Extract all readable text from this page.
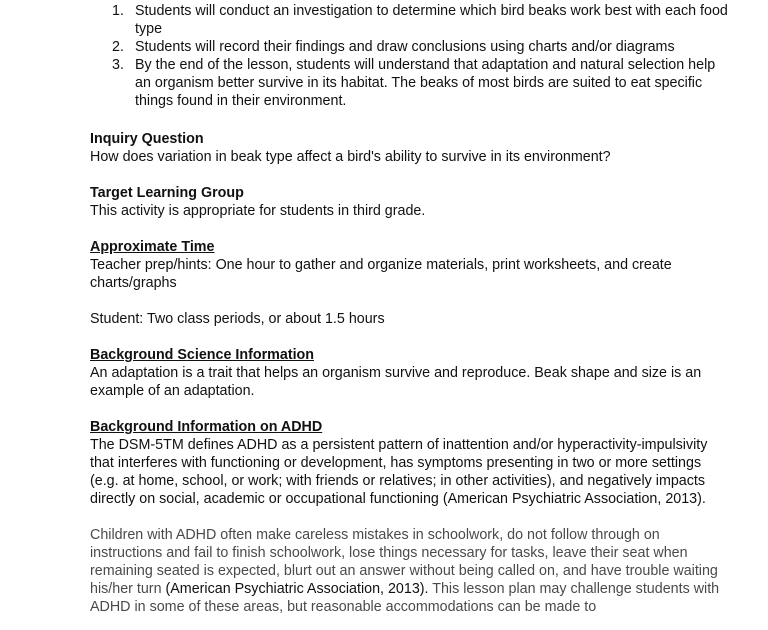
1. Students will conduct an investigation to determine which bird beaks work best with each food type
2. Students will record their findings and draw conclusions using charts and/or diagrams
3. By the end of the lesson, students will understand that adaptation and natural selection help an organism better survive in its habitat. The beaks of most birds are suited to eat specific things found in their environment.
Inquiry Question

How does variation in beak type affect a bird's ability to survive in its environment?

Target Learning Group

This activity is appropriate for students in third grade.

Approximate Time

Teacher prep/hints: One hour to gather and organize materials, print worksheets, and create charts/graphs

Student: Two class periods, or about 1.5 hours

Background Science Information

An adaptation is a trait that helps an organism survive and reproduce. Beak shape and size is an example of an adaptation.

Background Information on ADHD

The DSM-5TM defines ADHD as a persistent pattern of inattention and/or hyperactivity-impulsivity that interferes with functioning or development, has symptoms presenting in two or more settings (e.g. at home, school, or work; with friends or relatives; in other activities), and negatively impacts directly on social, academic or occupational functioning (American Psychiatric Association, 2013).

Children with ADHD often make careless mistakes in schoolwork, do not follow through on instructions and fail to finish schoolwork, lose things necessary for tasks, leave their seat when remaining seated is expected, blurt out an answer without being called on, and have trouble waiting his/her turn (American Psychiatric Association, 2013). This lesson plan may challenge students with ADHD in some of these areas, but reasonable accommodations can be made to
